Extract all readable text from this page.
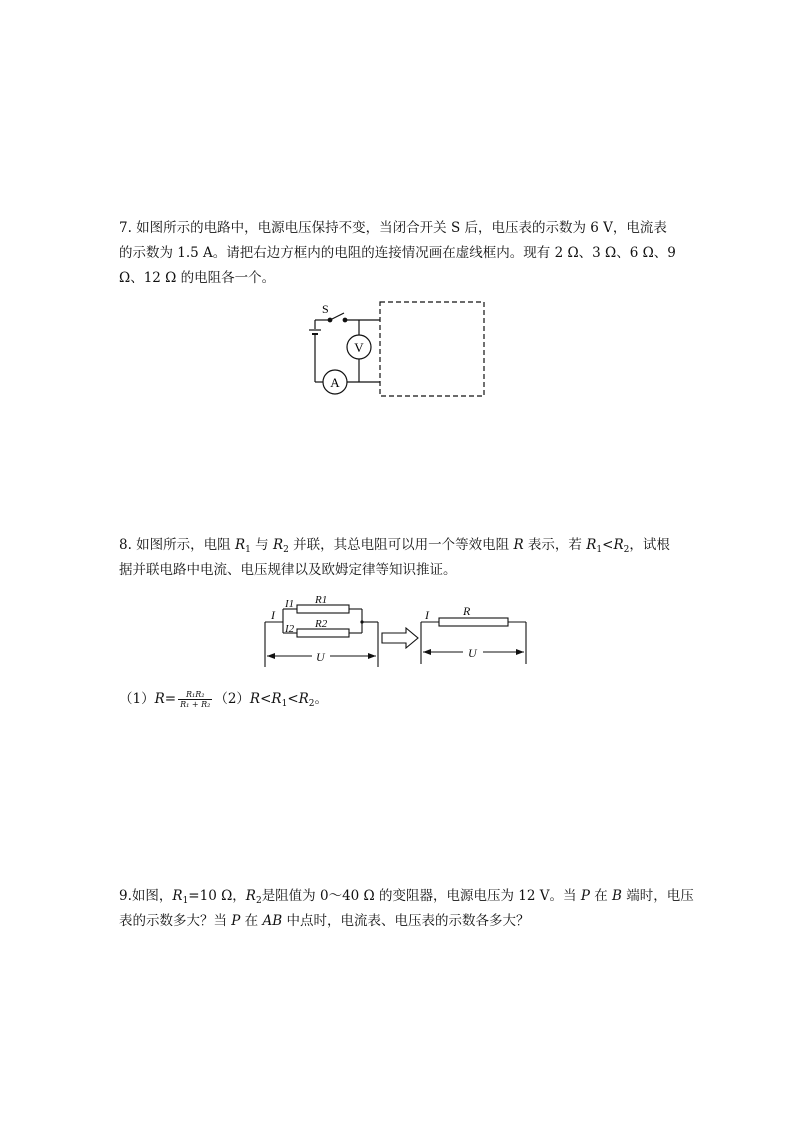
7. 如图所示的电路中，电源电压保持不变，当闭合开关 S 后，电压表的示数为 6 V，电流表
的示数为 1.5 A。请把右边方框内的电阻的连接情况画在虚线框内。现有 2 Ω、3 Ω、6 Ω、9
Ω、12 Ω 的电阻各一个。
S
V
A
8. 如图所示，电阻 $R_1$ 与 $R_2$ 并联，其总电阻可以用一个等效电阻 R 表示，若 $R_1<R_2$，试根
据并联电路中电流、电压规律以及欧姆定律等知识推证。
I
I1
I2
R1
R2
U
I	R
U
$(1)R= \frac{\text{R₁R₂}}{\text{R₁ + R₂}} (2)R<R_1<R_2$。
9.如图，$R_1=10$ Ω，$R_2$是阻值为 0～40 Ω 的变阻器，电源电压为 12 V。当 P 在 B 端时，电压
表的示数多大？当 P 在 AB 中点时，电流表、电压表的示数各多大？
